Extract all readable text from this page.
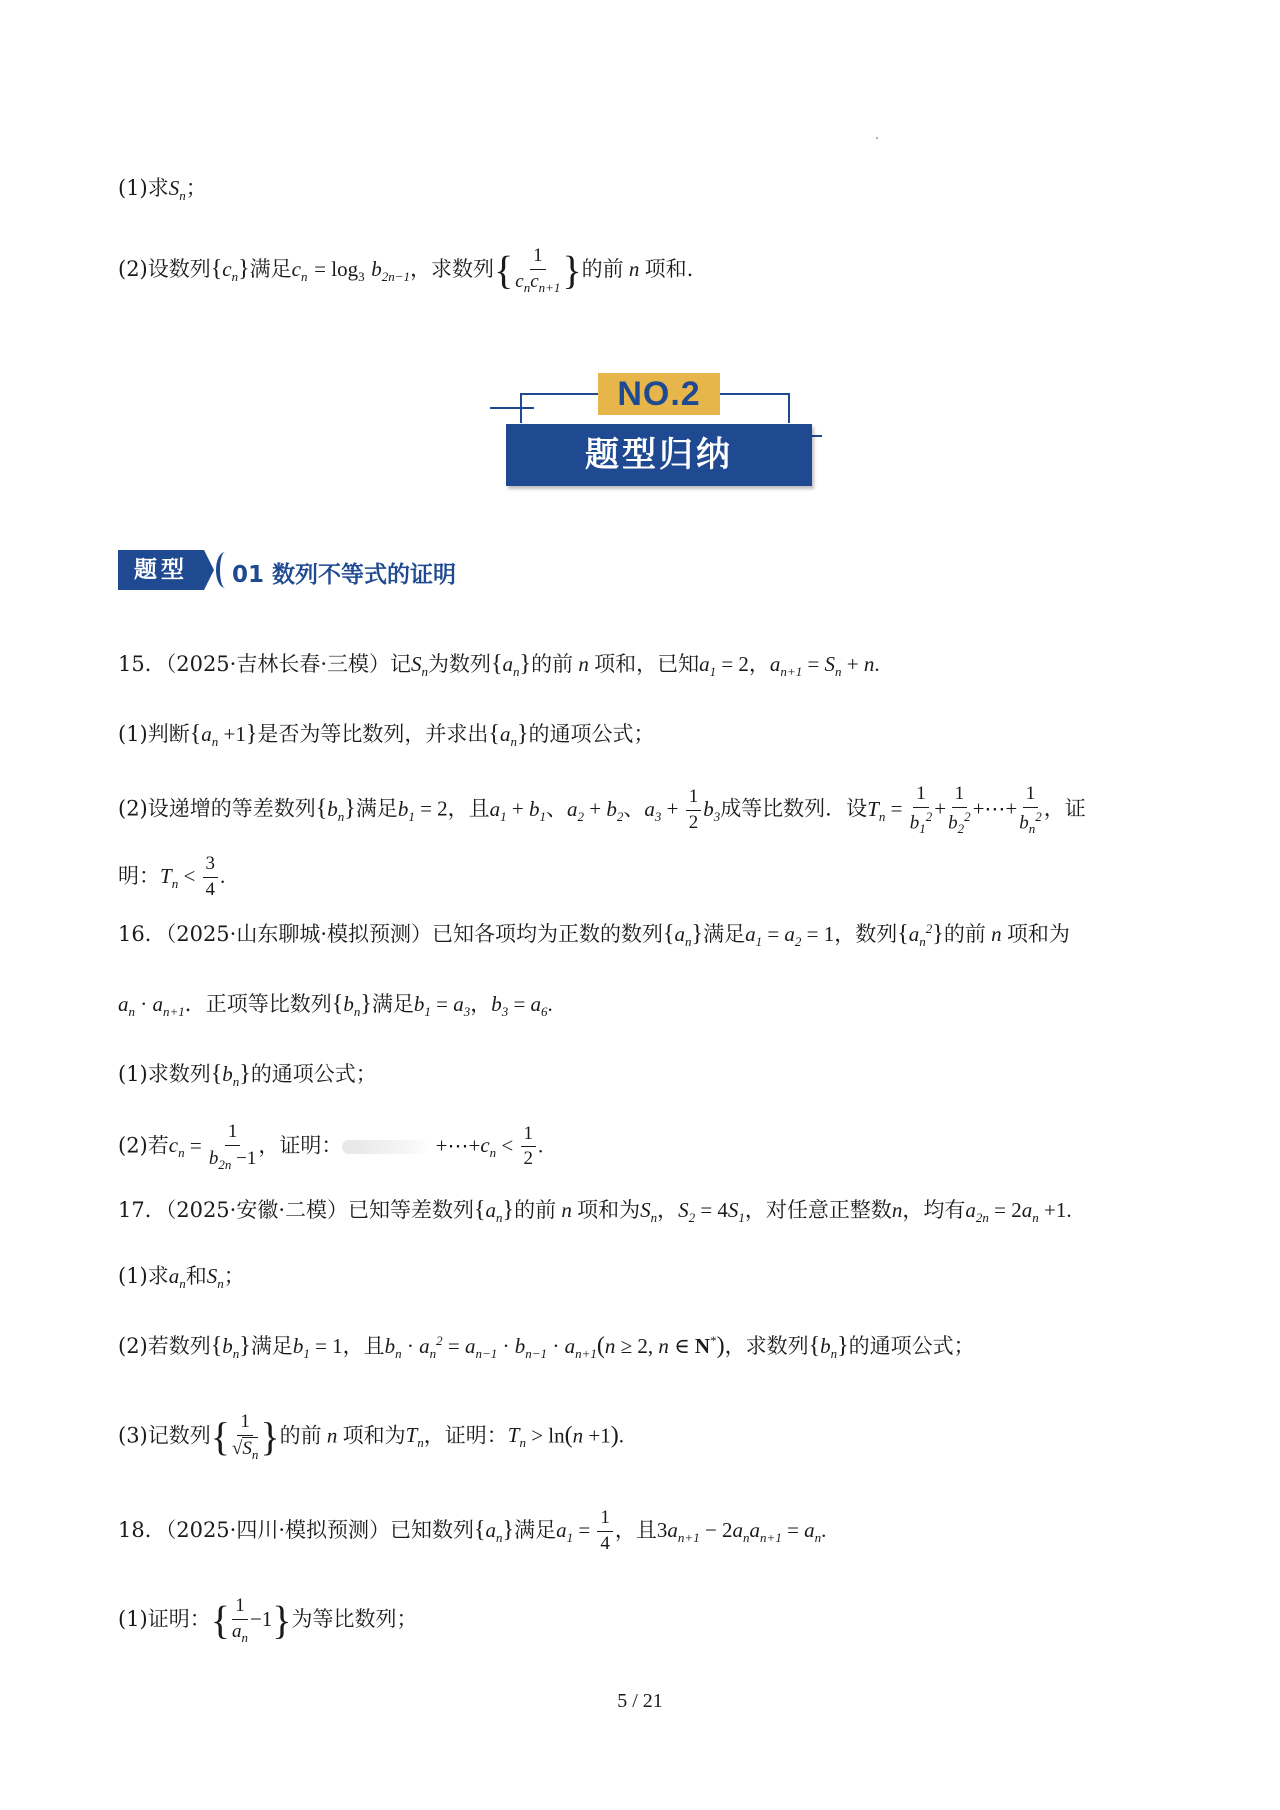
(1)求$S_n$；
(2)设数列$\{c_n\}$满足$c_n = \log_3 b_{2n-1}$，求数列{ $\frac{1}{c_nc_{n+1}}$ }的前 n 项和.
NO.2
题型归纳
题型	01 数列不等式的证明
15．（2025·吉林长春·三模）记$S_n$为数列$\{a_n\}$的前 n 项和，已知$a_1 = 2$，$a_{n+1} = S_n + n$.
(1)判断$\{a_n +1\}$是否为等比数列，并求出$\{a_n\}$的通项公式；
(2)设递增的等差数列$\{b_n\}$满足$b_1 = 2$，且$a_1 + b_1$、$a_2 + b_2$、$a_3 + \frac{1}{2} b_3$成等比数列．设$T_n = \frac{1}{b_1^2} + \frac{1}{b_2^2}$ +⋯+ $\frac{1}{b_n^2}$ ，证
明：$T_n < \frac{3}{4}$ .
16．（2025·山东聊城·模拟预测）已知各项均为正数的数列$\{a_n\}$满足$a_1 = a_2 = 1$，数列$\{a_n^2\}$的前 n 项和为
$a_n \cdot a_{n+1}$．正项等比数列$\{b_n\}$满足$b_1 = a_3$，$b_3 = a_6$.
(1)求数列$\{b_n\}$的通项公式；
(2)若$c_n = \frac{1}{b_{2n} -1}$ ，证明：	$+\cdots+c_n < \frac{1}{2}$ .
17．（2025·安徽·二模）已知等差数列$\{a_n\}$的前 n 项和为$S_n$，$S_2 = 4S_1$，对任意正整数n，均有$a_{2n} = 2a_n +1$.
(1)求$a_n$和$S_n$；
(2)若数列$\{b_n\}$满足$b_1 = 1$，且$b_n \cdot a_n^2 = a_{n-1} \cdot b_{n-1} \cdot a_{n+1}(n \ge 2$, n ∈ N*)，求数列$\{b_n\}$的通项公式；
(3)记数列{ $\frac{1}{√S_n}$ }的前 n 项和为$T_n$，证明：$T_n > \ln(n +1)$.
18．（2025·四川·模拟预测）已知数列$\{a_n\}$满足$a_1 = \frac{1}{4}$ ，且$3a_{n+1} - 2a_na_{n+1} = a_n$.
(1)证明：{ $\frac{1}{a_n} -1$}为等比数列；
5 / 21
